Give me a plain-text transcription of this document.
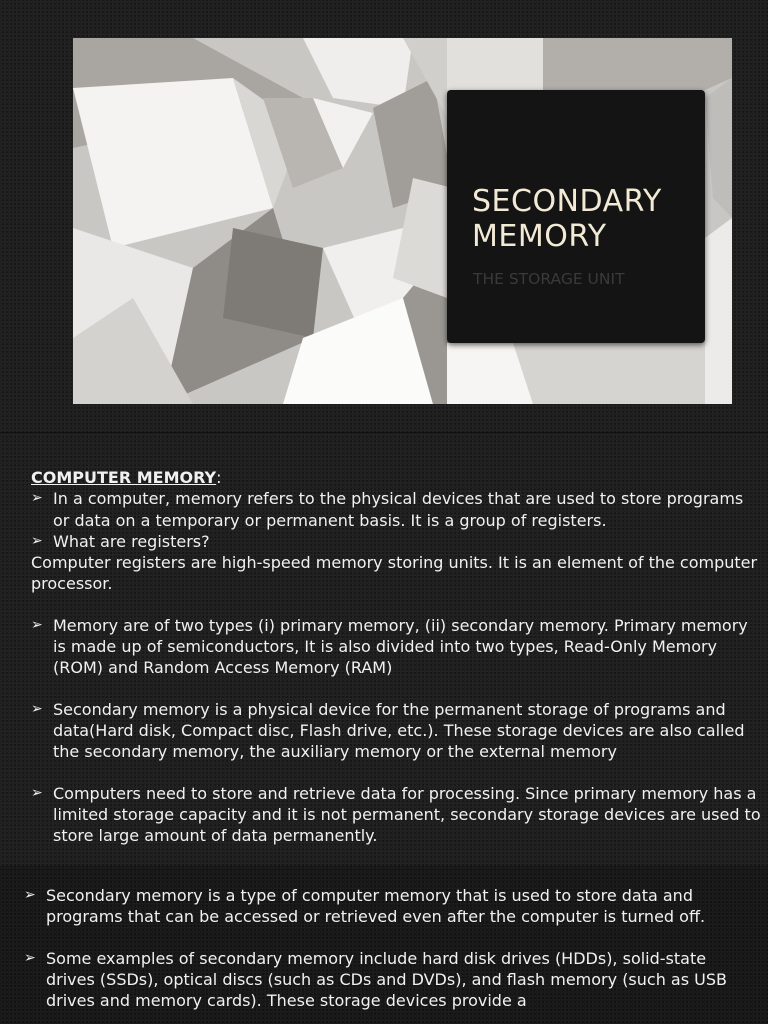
SECONDARY MEMORY
THE STORAGE UNIT

COMPUTER MEMORY:

➢ In a computer, memory refers to the physical devices that are used to store programs or data on a temporary or permanent basis. It is a group of registers.

➢ What are registers?

Computer registers are high-speed memory storing units. It is an element of the computer processor.

➢ Memory are of two types (i) primary memory, (ii) secondary memory. Primary memory is made up of semiconductors, It is also divided into two types, Read-Only Memory (ROM) and Random Access Memory (RAM)

➢ Secondary memory is a physical device for the permanent storage of programs and data(Hard disk, Compact disc, Flash drive, etc.). These storage devices are also called the secondary memory, the auxiliary memory or the external memory

➢ Computers need to store and retrieve data for processing. Since primary memory has a limited storage capacity and it is not permanent, secondary storage devices are used to store large amount of data permanently.

➢ Secondary memory is a type of computer memory that is used to store data and programs that can be accessed or retrieved even after the computer is turned off.

➢ Some examples of secondary memory include hard disk drives (HDDs), solid-state drives (SSDs), optical discs (such as CDs and DVDs), and flash memory (such as USB drives and memory cards). These storage devices provide a
